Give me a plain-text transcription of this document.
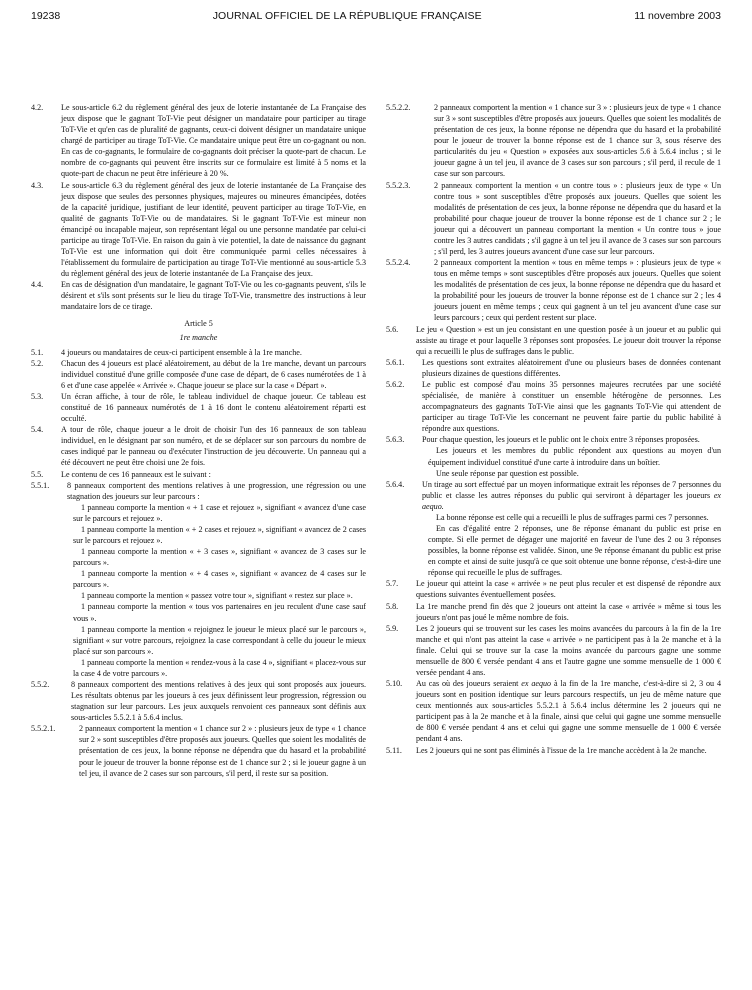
19238	JOURNAL OFFICIEL DE LA RÉPUBLIQUE FRANÇAISE	11 novembre 2003
4.2.	Le sous-article 6.2 du règlement général des jeux de loterie instantanée de La Française des jeux dispose que le gagnant ToT-Vie peut désigner un mandataire pour participer au tirage ToT-Vie et qu'en cas de pluralité de gagnants, ceux-ci doivent désigner un mandataire unique chargé de participer au tirage ToT-Vie. Ce mandataire unique peut être un co-gagnant ou non. En cas de co-gagnants, le formulaire de co-gagnants doit préciser la quote-part de chacun. Le nombre de co-gagnants qui peuvent être inscrits sur ce formulaire est limité à 5 noms et la quote-part de chacun ne peut être inférieure à 20 %.
4.3.	Le sous-article 6.3 du règlement général des jeux de loterie instantanée de La Française des jeux dispose que seules des personnes physiques, majeures ou mineures émancipées, dotées de la capacité juridique, justifiant de leur identité, peuvent participer au tirage ToT-Vie, en qualité de gagnants ToT-Vie ou de mandataires. Si le gagnant ToT-Vie est mineur non émancipé ou incapable majeur, son représentant légal ou une personne mandatée par celui-ci participe au tirage ToT-Vie. En raison du gain à vie potentiel, la date de naissance du gagnant ToT-Vie est une information qui doit être communiquée parmi celles nécessaires à l'établissement du formulaire de participation au tirage ToT-Vie mentionné au sous-article 5.3 du règlement général des jeux de loterie instantanée de La Française des jeux.
4.4.	En cas de désignation d'un mandataire, le gagnant ToT-Vie ou les co-gagnants peuvent, s'ils le désirent et s'ils sont présents sur le lieu du tirage ToT-Vie, transmettre des instructions à leur mandataire lors de ce tirage.
Article 5
1re manche
5.1.	4 joueurs ou mandataires de ceux-ci participent ensemble à la 1re manche.
5.2.	Chacun des 4 joueurs est placé aléatoirement, au début de la 1re manche, devant un parcours individuel constitué d'une grille composée d'une case de départ, de 6 cases numérotées de 1 à 6 et d'une case appelée « Arrivée ». Chaque joueur se place sur la case « Départ ».
5.3.	Un écran affiche, à tour de rôle, le tableau individuel de chaque joueur. Ce tableau est constitué de 16 panneaux numérotés de 1 à 16 dont le contenu aléatoirement réparti est occulté.
5.4.	A tour de rôle, chaque joueur a le droit de choisir l'un des 16 panneaux de son tableau individuel, en le désignant par son numéro, et de se déplacer sur son parcours du nombre de cases indiqué par le panneau ou d'exécuter l'instruction de jeu découverte. Un panneau qui a été découvert ne peut être choisi une 2e fois.
5.5.	Le contenu de ces 16 panneaux est le suivant :
5.5.1.	8 panneaux comportent des mentions relatives à une progression, une régression ou une stagnation des joueurs sur leur parcours :
1 panneau comporte la mention « + 1 case et rejouez », signifiant « avancez d'une case sur le parcours et rejouez ».
1 panneau comporte la mention « + 2 cases et rejouez », signifiant « avancez de 2 cases sur le parcours et rejouez ».
1 panneau comporte la mention « + 3 cases », signifiant « avancez de 3 cases sur le parcours ».
1 panneau comporte la mention « + 4 cases », signifiant « avancez de 4 cases sur le parcours ».
1 panneau comporte la mention « passez votre tour », signifiant « restez sur place ».
1 panneau comporte la mention « tous vos partenaires en jeu reculent d'une case sauf vous ».
1 panneau comporte la mention « rejoignez le joueur le mieux placé sur le parcours », signifiant « sur votre parcours, rejoignez la case correspondant à celle du joueur le mieux placé sur son parcours ».
1 panneau comporte la mention « rendez-vous à la case 4 », signifiant « placez-vous sur la case 4 de votre parcours ».
5.5.2.	8 panneaux comportent des mentions relatives à des jeux qui sont proposés aux joueurs. Les résultats obtenus par les joueurs à ces jeux définissent leur progression, régression ou stagnation sur leur parcours. Les jeux auxquels renvoient ces panneaux sont définis aux sous-articles 5.5.2.1 à 5.6.4 inclus.
5.5.2.1.	2 panneaux comportent la mention « 1 chance sur 2 » : plusieurs jeux de type « 1 chance sur 2 » sont susceptibles d'être proposés aux joueurs. Quelles que soient les modalités de présentation de ces jeux, la bonne réponse ne dépendra que du hasard et la probabilité pour le joueur de trouver la bonne réponse est de 1 chance sur 2 ; si le joueur gagne à un tel jeu, il avance de 2 cases sur son parcours, s'il perd, il reste sur sa position.
5.5.2.2.	2 panneaux comportent la mention « 1 chance sur 3 » : plusieurs jeux de type « 1 chance sur 3 » sont susceptibles d'être proposés aux joueurs. Quelles que soient les modalités de présentation de ces jeux, la bonne réponse ne dépendra que du hasard et la probabilité pour le joueur de trouver la bonne réponse est de 1 chance sur 3, sous réserve des particularités du jeu « Question » exposées aux sous-articles 5.6 à 5.6.4 inclus ; si le joueur gagne à un tel jeu, il avance de 3 cases sur son parcours ; s'il perd, il recule de 1 case sur son parcours.
5.5.2.3.	2 panneaux comportent la mention « un contre tous » : plusieurs jeux de type « Un contre tous » sont susceptibles d'être proposés aux joueurs. Quelles que soient les modalités de présentation de ces jeux, la bonne réponse ne dépendra que du hasard et la probabilité pour chaque joueur de trouver la bonne réponse est de 1 chance sur 2 ; le joueur qui a découvert un panneau comportant la mention « Un contre tous » joue contre les 3 autres candidats ; s'il gagne à un tel jeu il avance de 3 cases sur son parcours ; s'il perd, les 3 autres joueurs avancent d'une case sur leur parcours.
5.5.2.4.	2 panneaux comportent la mention « tous en même temps » : plusieurs jeux de type « tous en même temps » sont susceptibles d'être proposés aux joueurs. Quelles que soient les modalités de présentation de ces jeux, la bonne réponse ne dépendra que du hasard et la probabilité pour les joueurs de trouver la bonne réponse est de 1 chance sur 2 ; les 4 joueurs jouent en même temps ; ceux qui gagnent à un tel jeu avancent d'une case sur leurs parcours ; ceux qui perdent restent sur place.
5.6.	Le jeu « Question » est un jeu consistant en une question posée à un joueur et au public qui assiste au tirage et pour laquelle 3 réponses sont proposées. Le joueur doit trouver la réponse qui a recueilli le plus de suffrages dans le public.
5.6.1.	Les questions sont extraites aléatoirement d'une ou plusieurs bases de données contenant plusieurs dizaines de questions différentes.
5.6.2.	Le public est composé d'au moins 35 personnes majeures recrutées par une société spécialisée, de manière à constituer un ensemble hétérogène de personnes. Les accompagnateurs des gagnants ToT-Vie ainsi que les gagnants ToT-Vie qui attendent de participer au tirage ToT-Vie les concernant ne peuvent faire partie du public habilité à répondre aux questions.
5.6.3.	Pour chaque question, les joueurs et le public ont le choix entre 3 réponses proposées.
Les joueurs et les membres du public répondent aux questions au moyen d'un équipement individuel constitué d'une carte à introduire dans un boîtier.
Une seule réponse par question est possible.
5.6.4.	Un tirage au sort effectué par un moyen informatique extrait les réponses de 7 personnes du public et classe les autres réponses du public qui serviront à départager les joueurs ex aequo.
La bonne réponse est celle qui a recueilli le plus de suffrages parmi ces 7 personnes.
En cas d'égalité entre 2 réponses, une 8e réponse émanant du public est prise en compte. Si elle permet de dégager une majorité en faveur de l'une des 2 ou 3 réponses possibles, la bonne réponse est validée. Sinon, une 9e réponse émanant du public est prise en compte et ainsi de suite jusqu'à ce que soit obtenue une bonne réponse, c'est-à-dire une réponse qui recueille le plus de suffrages.
5.7.	Le joueur qui atteint la case « arrivée » ne peut plus reculer et est dispensé de répondre aux questions suivantes éventuellement posées.
5.8.	La 1re manche prend fin dès que 2 joueurs ont atteint la case « arrivée » même si tous les joueurs n'ont pas joué le même nombre de fois.
5.9.	Les 2 joueurs qui se trouvent sur les cases les moins avancées du parcours à la fin de la 1re manche et qui n'ont pas atteint la case « arrivée » ne participent pas à la 2e manche et à la finale. Celui qui se trouve sur la case la moins avancée du parcours gagne une somme mensuelle de 800 € versée pendant 4 ans et l'autre gagne une somme mensuelle de 1 000 € versée pendant 4 ans.
5.10.	Au cas où des joueurs seraient ex aequo à la fin de la 1re manche, c'est-à-dire si 2, 3 ou 4 joueurs sont en position identique sur leurs parcours respectifs, un jeu de même nature que ceux mentionnés aux sous-articles 5.5.2.1 à 5.6.4 inclus détermine les 2 joueurs qui ne participent pas à la 2e manche et à la finale, ainsi que celui qui gagne une somme mensuelle de 800 € versée pendant 4 ans et celui qui gagne une somme mensuelle de 1 000 € versée pendant 4 ans.
5.11.	Les 2 joueurs qui ne sont pas éliminés à l'issue de la 1re manche accèdent à la 2e manche.
